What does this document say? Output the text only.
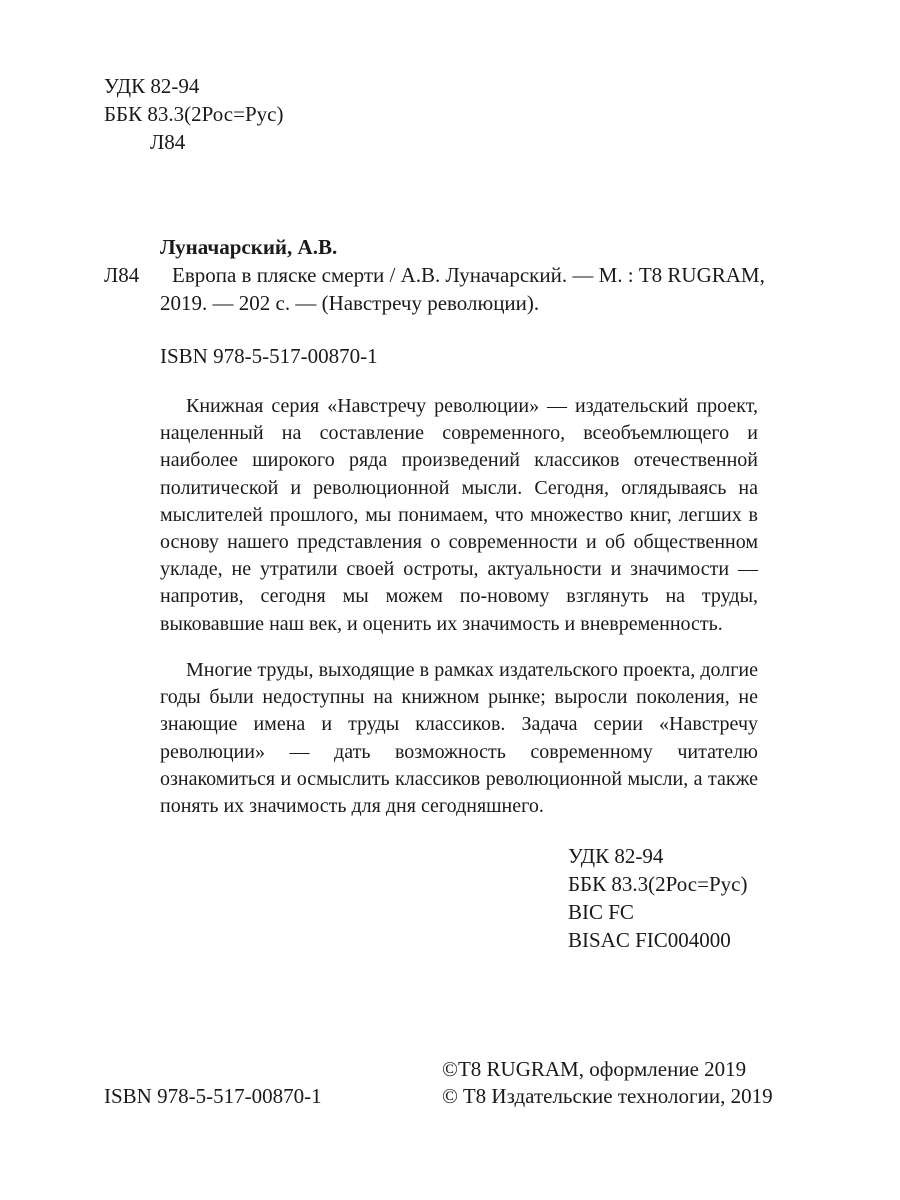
УДК 82-94
ББК 83.3(2Рос=Рус)
Л84
Луначарский, А.В.
Л84 Европа в пляске смерти / А.В. Луначарский. — М. : T8 RUGRAM,
2019. — 202 с. — (Навстречу революции).
ISBN 978-5-517-00870-1

Книжная серия «Навстречу революции» — издательский проект, нацеленный на составление современного, всеобъемлющего и наиболее широкого ряда произведений классиков отечественной политической и революционной мысли. Сегодня, оглядываясь на мыслителей прошлого, мы понимаем, что множество книг, легших в основу нашего представления о современности и об общественном укладе, не утратили своей остроты, актуальности и значимости — напротив, сегодня мы можем по-новому взглянуть на труды, выковавшие наш век, и оценить их значимость и вневременность.

Многие труды, выходящие в рамках издательского проекта, долгие годы были недоступны на книжном рынке; выросли поколения, не знающие имена и труды классиков. Задача серии «Навстречу революции» — дать возможность современному читателю ознакомиться и осмыслить классиков революционной мысли, а также понять их значимость для дня сегодняшнего.

УДК 82-94
ББК 83.3(2Рос=Рус)
BIC FC
BISAC FIC004000
ISBN 978-5-517-00870-1
©T8 RUGRAM, оформление 2019
© T8 Издательские технологии, 2019
